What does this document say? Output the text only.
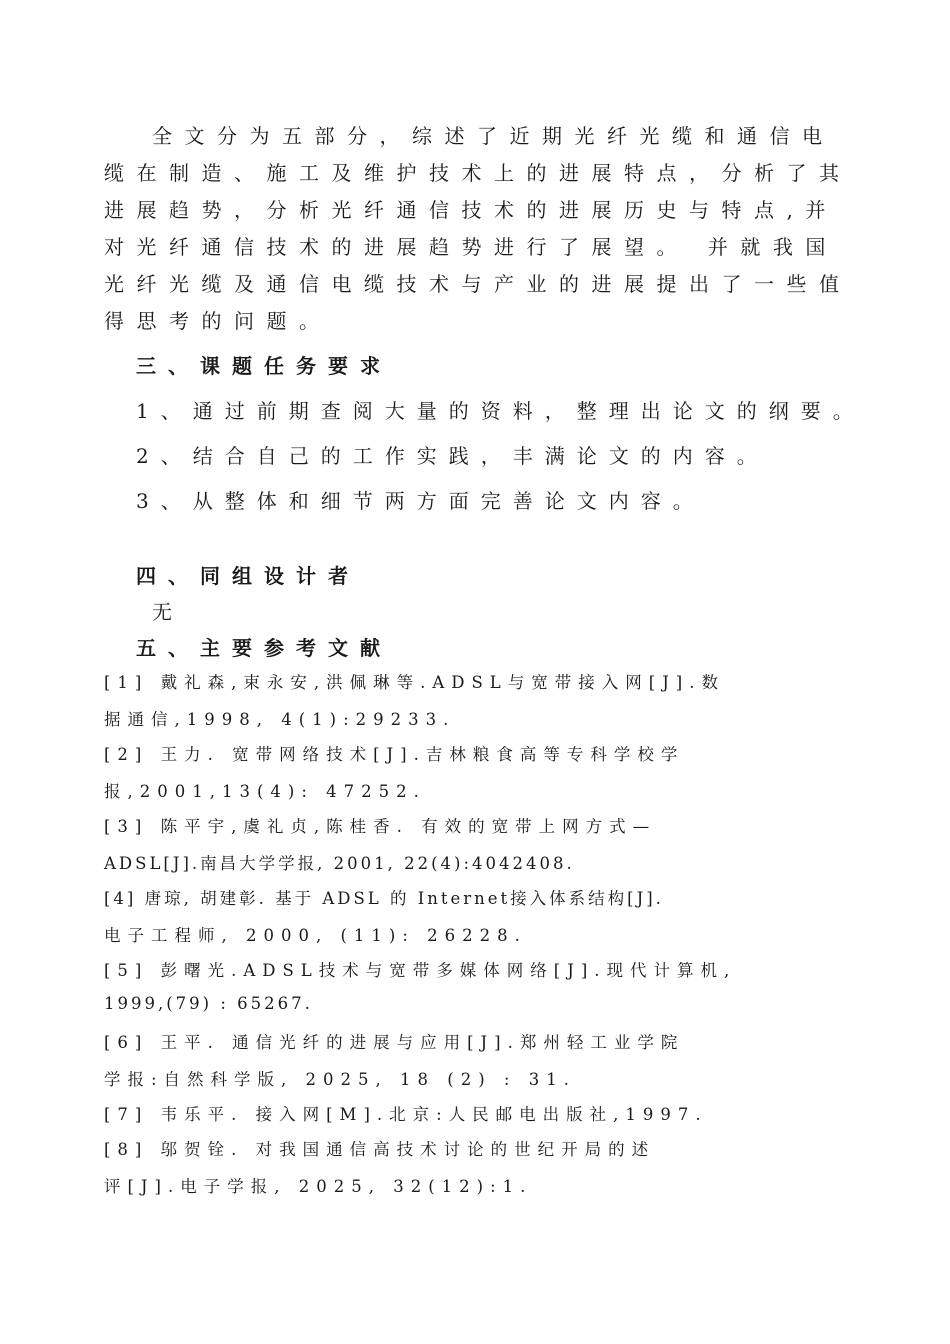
全文分为五部分，综述了近期光纤光缆和通信电
缆在制造、施工及维护技术上的进展特点，分析了其
进展趋势，分析光纤通信技术的进展历史与特点,并
对光纤通信技术的进展趋势进行了展望。 并就我国
光纤光缆及通信电缆技术与产业的进展提出了一些值
得思考的问题。
三、课题任务要求
1、通过前期查阅大量的资料，整理出论文的纲要。
2、结合自己的工作实践，丰满论文的内容。
3、从整体和细节两方面完善论文内容。
四、同组设计者
无
五、主要参考文献
[1] 戴礼森,束永安,洪佩琳等.ADSL与宽带接入网[J].数
据通信,1998, 4(1):29233.
[2] 王力. 宽带网络技术[J].吉林粮食高等专科学校学
报,2001,13(4): 47252.
[3] 陈平宇,虞礼贞,陈桂香. 有效的宽带上网方式—
ADSL[J].南昌大学学报, 2001, 22(4):4042408.
[4] 唐琼, 胡建彰. 基于 ADSL 的 Internet接入体系结构[J].
电子工程师, 2000, (11): 26228.
[5] 彭曙光.ADSL技术与宽带多媒体网络[J].现代计算机,
1999,(79) : 65267.
[6] 王平. 通信光纤的进展与应用[J].郑州轻工业学院
学报:自然科学版, 2025, 18 (2) : 31.
[7] 韦乐平. 接入网[M].北京:人民邮电出版社,1997.
[8] 邬贺铨. 对我国通信高技术讨论的世纪开局的述
评[J].电子学报, 2025, 32(12):1.
